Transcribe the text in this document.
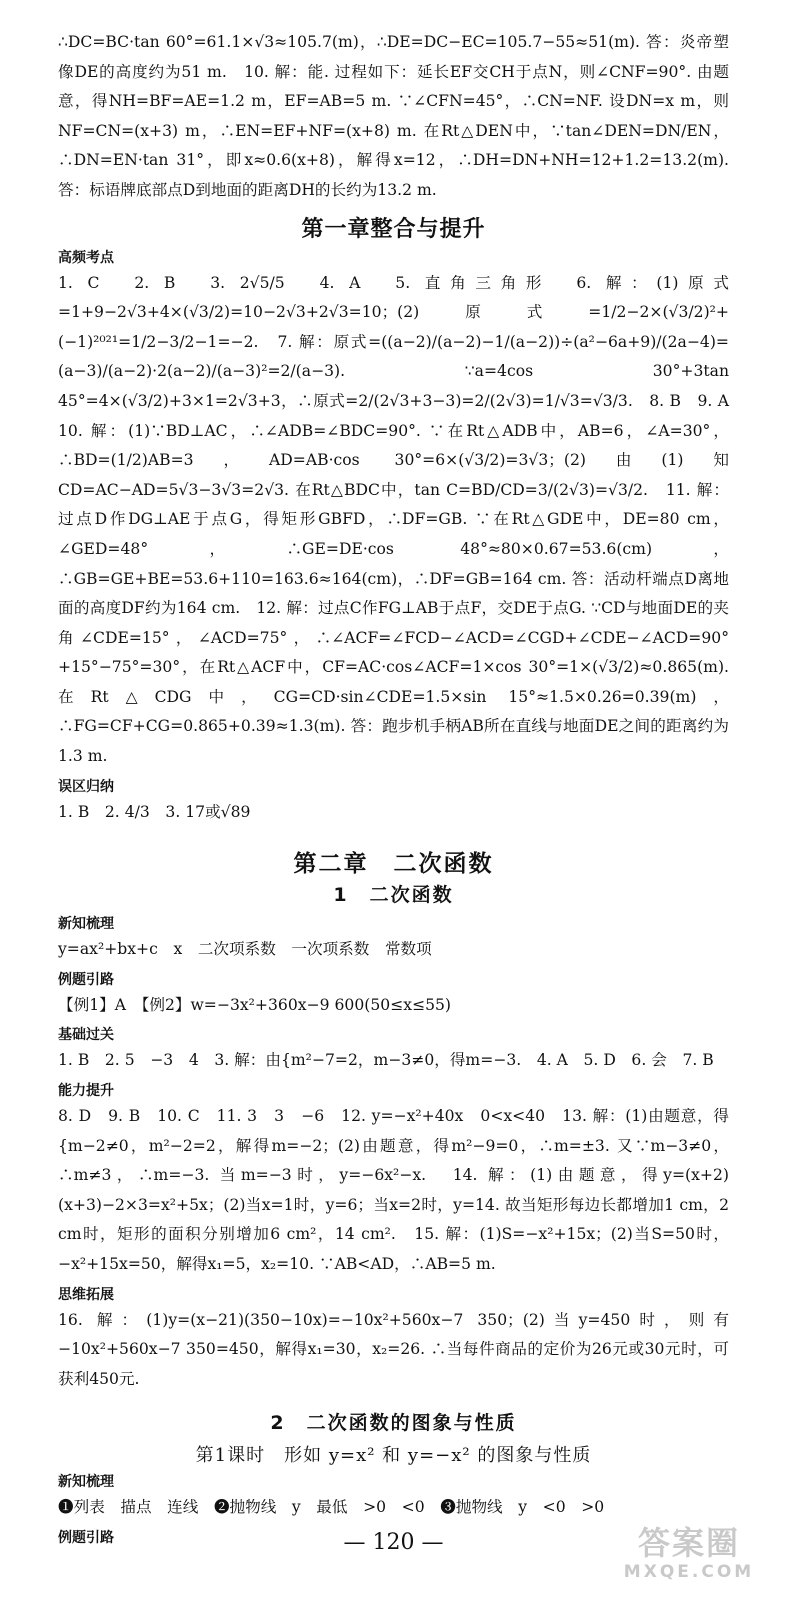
∴DC=BC·tan 60°=61.1×√3≈105.7(m)，∴DE=DC−EC=105.7−55≈51(m). 答：炎帝塑像DE的高度约为51 m.　10. 解：能. 过程如下：延长EF交CH于点N，则∠CNF=90°. 由题意，得NH=BF=AE=1.2 m，EF=AB=5 m. ∵∠CFN=45°，∴CN=NF. 设DN=x m，则NF=CN=(x+3) m，∴EN=EF+NF=(x+8) m. 在Rt△DEN中，∵tan∠DEN=DN/EN，∴DN=EN·tan 31°，即x≈0.6(x+8)，解得x=12，∴DH=DN+NH=12+1.2=13.2(m). 答：标语牌底部点D到地面的距离DH的长约为13.2 m.

第一章整合与提升
高频考点

1. C　2. B　3. 2√5/5　4. A　5. 直角三角形　6. 解：(1)原式=1+9−2√3+4×(√3/2)=10−2√3+2√3=10；(2)原式=1/2−2×(√3/2)²+(−1)²⁰²¹=1/2−3/2−1=−2.　7. 解：原式=((a−2)/(a−2)−1/(a−2))÷(a²−6a+9)/(2a−4)=(a−3)/(a−2)·2(a−2)/(a−3)²=2/(a−3). ∵a=4cos 30°+3tan 45°=4×(√3/2)+3×1=2√3+3，∴原式=2/(2√3+3−3)=2/(2√3)=1/√3=√3/3.　8. B　9. A　10. 解：(1)∵BD⊥AC，∴∠ADB=∠BDC=90°. ∵在Rt△ADB中，AB=6，∠A=30°，∴BD=(1/2)AB=3，AD=AB·cos 30°=6×(√3/2)=3√3；(2)由(1)知CD=AC−AD=5√3−3√3=2√3. 在Rt△BDC中，tan C=BD/CD=3/(2√3)=√3/2.　11. 解：过点D作DG⊥AE于点G，得矩形GBFD，∴DF=GB. ∵在Rt△GDE中，DE=80 cm，∠GED=48°，∴GE=DE·cos 48°≈80×0.67=53.6(cm)，∴GB=GE+BE=53.6+110=163.6≈164(cm)，∴DF=GB=164 cm. 答：活动杆端点D离地面的高度DF约为164 cm.　12. 解：过点C作FG⊥AB于点F，交DE于点G. ∵CD与地面DE的夹角∠CDE=15°，∠ACD=75°，∴∠ACF=∠FCD−∠ACD=∠CGD+∠CDE−∠ACD=90°+15°−75°=30°，在Rt△ACF中，CF=AC·cos∠ACF=1×cos 30°=1×(√3/2)≈0.865(m). 在Rt△CDG中，CG=CD·sin∠CDE=1.5×sin 15°≈1.5×0.26=0.39(m)，∴FG=CF+CG=0.865+0.39≈1.3(m). 答：跑步机手柄AB所在直线与地面DE之间的距离约为1.3 m.

误区归纳

1. B　2. 4/3　3. 17或√89

第二章　二次函数
1　二次函数
新知梳理

y=ax²+bx+c　x　二次项系数　一次项系数　常数项

例题引路

【例1】A　【例2】w=−3x²+360x−9 600(50≤x≤55)

基础过关

1. B　2. 5　−3　4　3. 解：由{m²−7=2，m−3≠0，得m=−3.　4. A　5. D　6. 会　7. B

能力提升

8. D　9. B　10. C　11. 3　3　−6　12. y=−x²+40x　0<x<40　13. 解：(1)由题意，得{m−2≠0，m²−2=2，解得m=−2；(2)由题意，得m²−9=0，∴m=±3. 又∵m−3≠0，∴m≠3，∴m=−3. 当m=−3时，y=−6x²−x.　14. 解：(1)由题意，得y=(x+2)(x+3)−2×3=x²+5x；(2)当x=1时，y=6；当x=2时，y=14. 故当矩形每边长都增加1 cm，2 cm时，矩形的面积分别增加6 cm²，14 cm².　15. 解：(1)S=−x²+15x；(2)当S=50时，−x²+15x=50，解得x₁=5，x₂=10. ∵AB<AD，∴AB=5 m.

思维拓展

16. 解：(1)y=(x−21)(350−10x)=−10x²+560x−7 350；(2)当y=450时，则有−10x²+560x−7 350=450，解得x₁=30，x₂=26. ∴当每件商品的定价为26元或30元时，可获利450元.

2　二次函数的图象与性质
第1课时　形如 y=x² 和 y=−x² 的图象与性质
新知梳理

❶列表　描点　连线　❷抛物线　y　最低　>0　<0　❸抛物线　y　<0　>0

例题引路	— 120 —	答案圈
MXQE.COM
